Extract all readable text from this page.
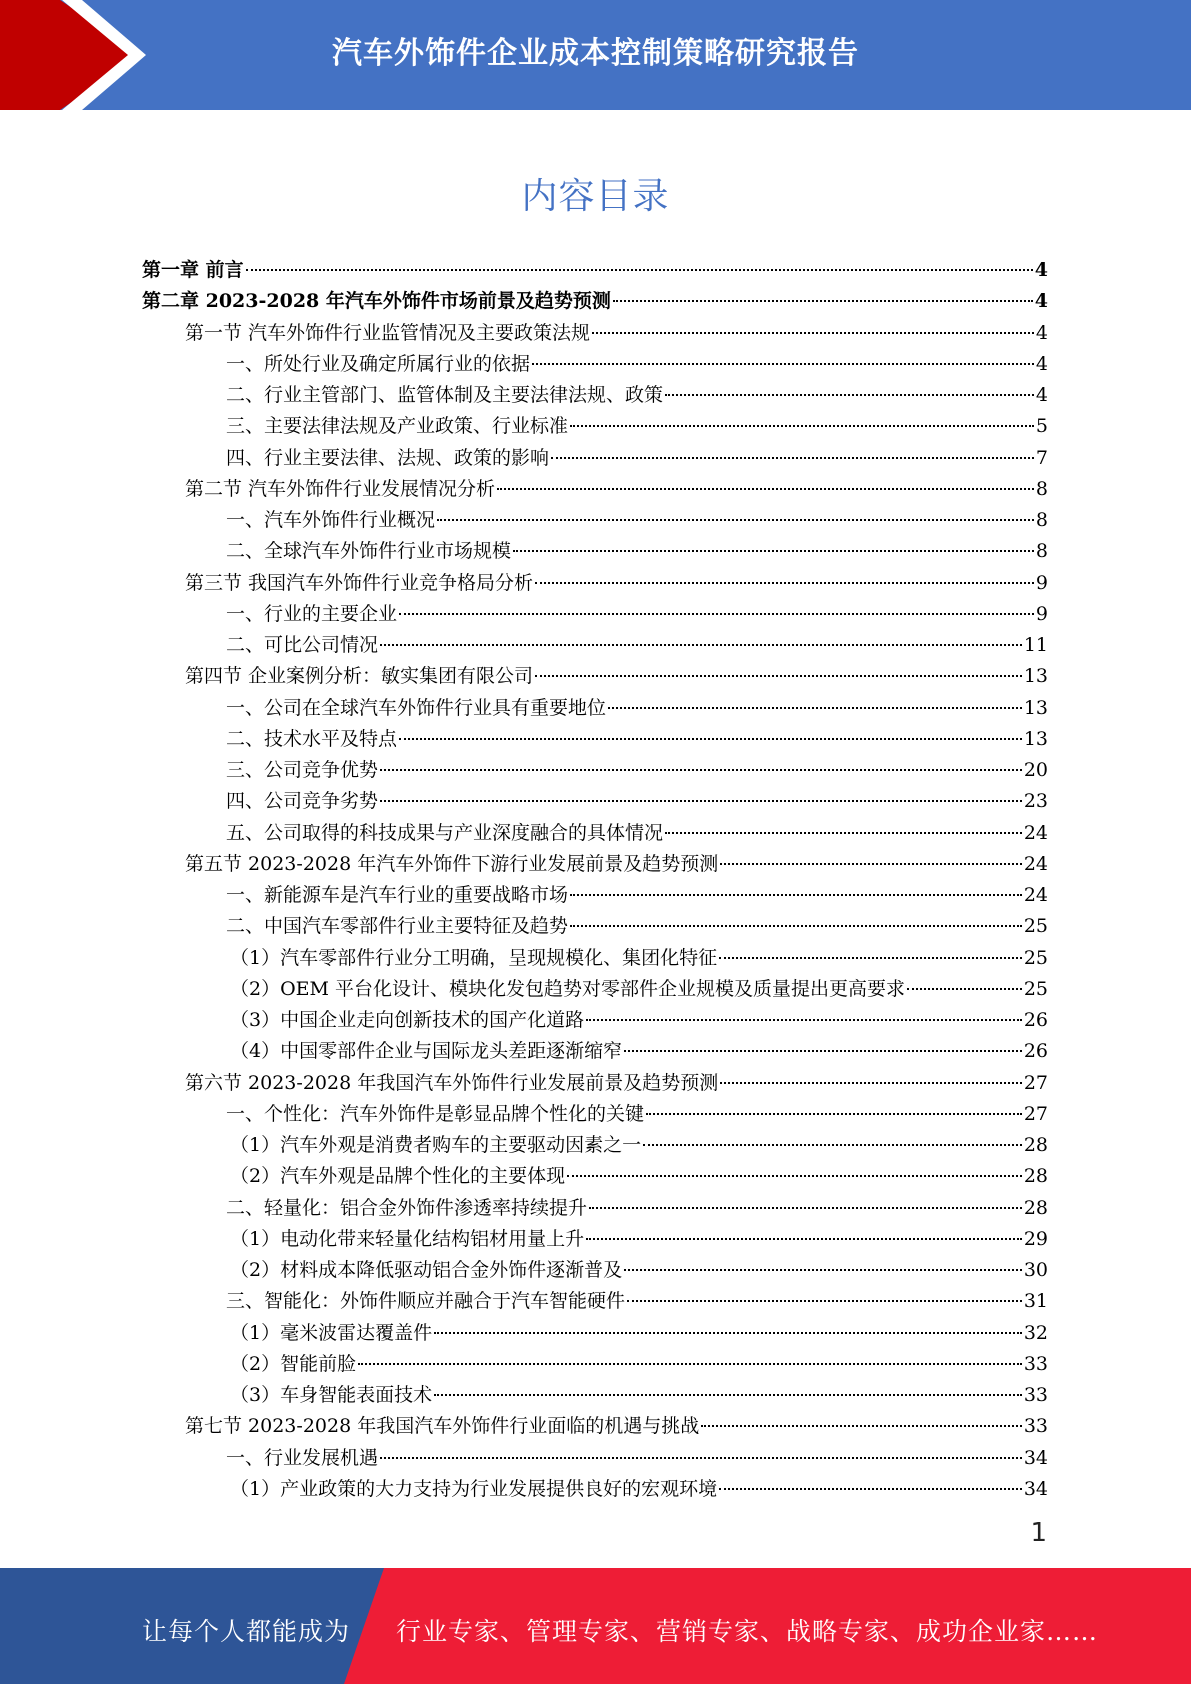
汽车外饰件企业成本控制策略研究报告
内容目录
第一章 前言	4
第二章 2023-2028 年汽车外饰件市场前景及趋势预测	4
第一节 汽车外饰件行业监管情况及主要政策法规	4
一、所处行业及确定所属行业的依据	4
二、行业主管部门、监管体制及主要法律法规、政策	4
三、主要法律法规及产业政策、行业标准	5
四、行业主要法律、法规、政策的影响	7
第二节 汽车外饰件行业发展情况分析	8
一、汽车外饰件行业概况	8
二、全球汽车外饰件行业市场规模	8
第三节 我国汽车外饰件行业竞争格局分析	9
一、行业的主要企业	9
二、可比公司情况	11
第四节 企业案例分析：敏实集团有限公司	13
一、公司在全球汽车外饰件行业具有重要地位	13
二、技术水平及特点	13
三、公司竞争优势	20
四、公司竞争劣势	23
五、公司取得的科技成果与产业深度融合的具体情况	24
第五节 2023-2028 年汽车外饰件下游行业发展前景及趋势预测	24
一、新能源车是汽车行业的重要战略市场	24
二、中国汽车零部件行业主要特征及趋势	25
（1）汽车零部件行业分工明确，呈现规模化、集团化特征	25
（2）OEM 平台化设计、模块化发包趋势对零部件企业规模及质量提出更高要求	25
（3）中国企业走向创新技术的国产化道路	26
（4）中国零部件企业与国际龙头差距逐渐缩窄	26
第六节 2023-2028 年我国汽车外饰件行业发展前景及趋势预测	27
一、个性化：汽车外饰件是彰显品牌个性化的关键	27
（1）汽车外观是消费者购车的主要驱动因素之一	28
（2）汽车外观是品牌个性化的主要体现	28
二、轻量化：铝合金外饰件渗透率持续提升	28
（1）电动化带来轻量化结构铝材用量上升	29
（2）材料成本降低驱动铝合金外饰件逐渐普及	30
三、智能化：外饰件顺应并融合于汽车智能硬件	31
（1）毫米波雷达覆盖件	32
（2）智能前脸	33
（3）车身智能表面技术	33
第七节 2023-2028 年我国汽车外饰件行业面临的机遇与挑战	33
一、行业发展机遇	34
（1）产业政策的大力支持为行业发展提供良好的宏观环境	34
1
让每个人都能成为 行业专家、管理专家、营销专家、战略专家、成功企业家……
